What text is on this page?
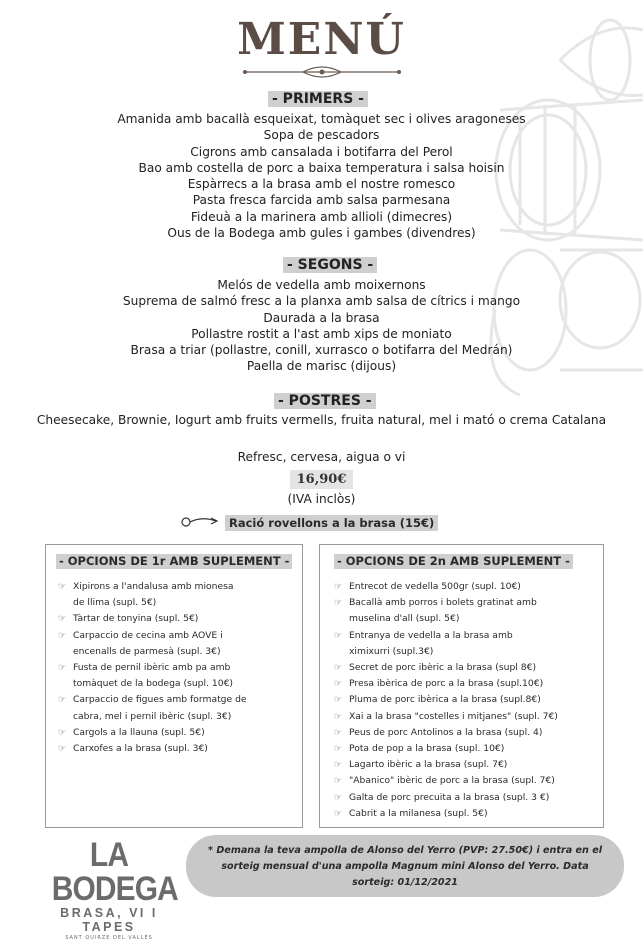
MENÚ
- PRIMERS -
Amanida amb bacallà esqueixat, tomàquet sec i olives aragoneses
Sopa de pescadors
Cigrons amb cansalada i botifarra del Perol
Bao amb costella de porc a baixa temperatura i salsa hoisin
Espàrrecs a la brasa amb el nostre romesco
Pasta fresca farcida amb salsa parmesana
Fideuà a la marinera amb allioli (dimecres)
Ous de la Bodega amb gules i gambes (divendres)
- SEGONS -
Melós de vedella amb moixernons
Suprema de salmó fresc a la planxa amb salsa de cítrics i mango
Daurada a la brasa
Pollastre rostit a l'ast amb xips de moniato
Brasa a triar (pollastre, conill, xurrasco o botifarra del Medrán)
Paella de marisc (dijous)
- POSTRES -
Cheesecake, Brownie, Iogurt amb fruits vermells, fruita natural, mel i mató o crema Catalana
Refresc, cervesa, aigua o vi
16,90€
(IVA inclòs)
Ració rovellons a la brasa (15€)
- OPCIONS DE 1r AMB SUPLEMENT -
☞ Xipirons a l'andalusa amb mionesa
de llima (supl. 5€)
☞ Tàrtar de tonyina (supl. 5€)
☞ Carpaccio de cecina amb AOVE i
encenalls de parmesà (supl. 3€)
☞ Fusta de pernil ibèric amb pa amb
tomàquet de la bodega (supl. 10€)
☞ Carpaccio de figues amb formatge de
cabra, mel i pernil ibèric (supl. 3€)
☞ Cargols a la llauna (supl. 5€)
☞ Carxofes a la brasa (supl. 3€)
- OPCIONS DE 2n AMB SUPLEMENT -
☞ Entrecot de vedella 500gr (supl. 10€)
☞ Bacallà amb porros i bolets gratinat amb
muselina d'all (supl. 5€)
☞ Entranya de vedella a la brasa amb
ximixurri (supl.3€)
☞ Secret de porc ibèric a la brasa (supl 8€)
☞ Presa ibèrica de porc a la brasa (supl.10€)
☞ Pluma de porc ibèrica a la brasa (supl.8€)
☞ Xai a la brasa "costelles i mitjanes" (supl. 7€)
☞ Peus de porc Antolinos a la brasa (supl. 4)
☞ Pota de pop a la brasa (supl. 10€)
☞ Lagarto ibèric a la brasa (supl. 7€)
☞ "Abanico" ibèric de porc a la brasa (supl. 7€)
☞ Galta de porc precuita a la brasa (supl. 3 €)
☞ Cabrit a la milanesa (supl. 5€)
LA BODEGA
BRASA, VI I TAPES
SANT QUIRZE DEL VALLÈS
* Demana la teva ampolla de Alonso del Yerro (PVP: 27.50€) i entra en el sorteig mensual d'una ampolla Magnum mini Alonso del Yerro. Data sorteig: 01/12/2021
